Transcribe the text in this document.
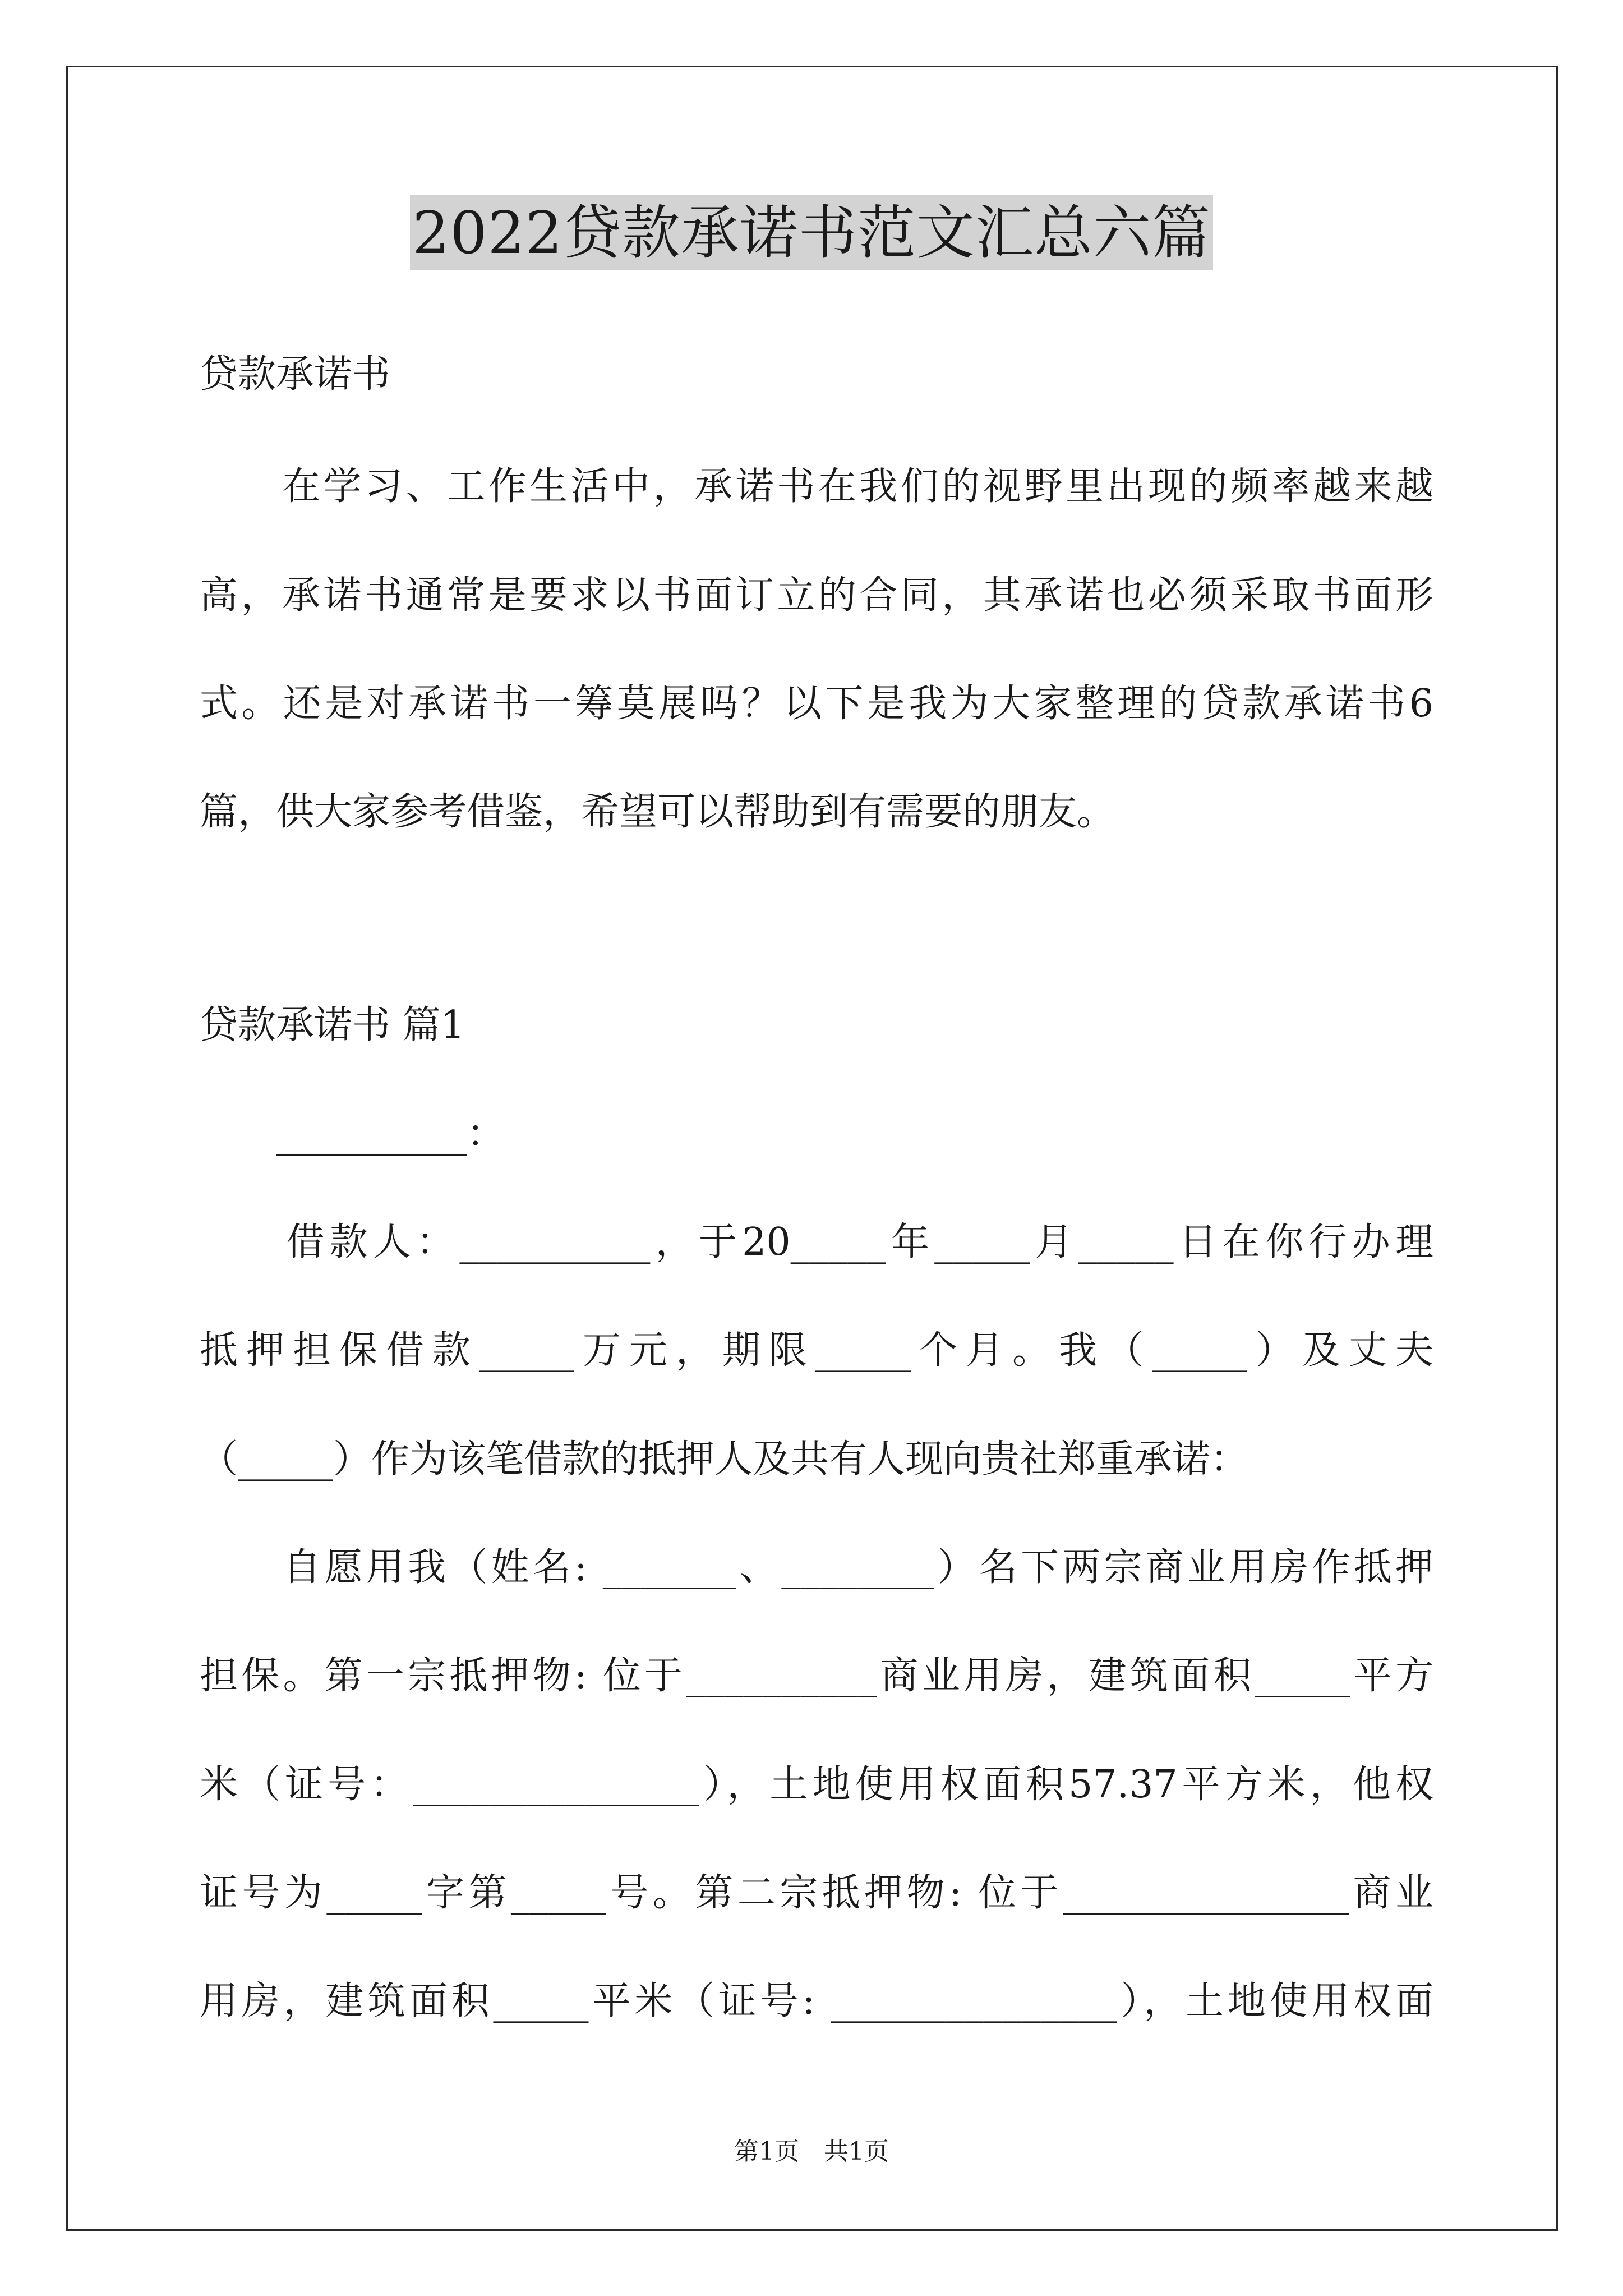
2022贷款承诺书范文汇总六篇
贷款承诺书
　　在学习、工作生活中，承诺书在我们的视野里出现的频率越来越
高，承诺书通常是要求以书面订立的合同，其承诺也必须采取书面形
式。还是对承诺书一筹莫展吗？以下是我为大家整理的贷款承诺书6
篇，供大家参考借鉴，希望可以帮助到有需要的朋友。
贷款承诺书 篇1
　　__________：
　　借款人：__________，于20_____年_____月_____日在你行办理
抵押担保借款_____万元，期限_____个月。我（_____）及丈夫
（_____）作为该笔借款的抵押人及共有人现向贵社郑重承诺：
　　自愿用我（姓名: _______、________）名下两宗商业用房作抵押
担保。第一宗抵押物: 位于__________商业用房，建筑面积_____平方
米（证号：_______________），土地使用权面积57.37平方米，他权
证号为_____字第_____号。第二宗抵押物: 位于_______________商业
用房，建筑面积_____平米（证号: _______________），土地使用权面
第1页　共1页
